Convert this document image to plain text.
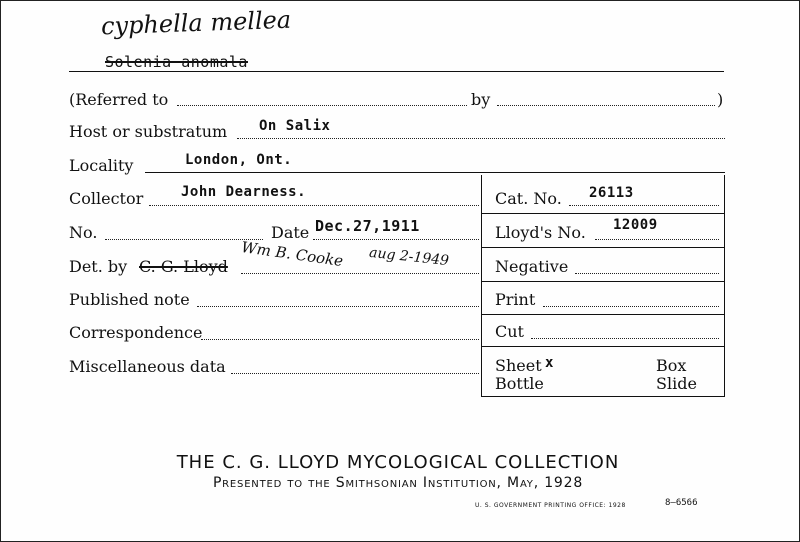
cyphella mellea
Solenia anomala
(Referred to	by	)
Host or substratum On Salix
Locality	London, Ont.
Collector	John Dearness.
No.	Date Dec.27,1911
Det. by C. G. Lloyd Wm B. Cooke aug 2-1949
Published note
Correspondence
Miscellaneous data
Cat. No. 26113
Lloyd's No. 12009
Negative
Print
Cut
Sheet x	Box
Bottle	Slide
THE C. G. LLOYD MYCOLOGICAL COLLECTION
Presented to the Smithsonian Institution, May, 1928
U. S. GOVERNMENT PRINTING OFFICE: 1928	8—6566
